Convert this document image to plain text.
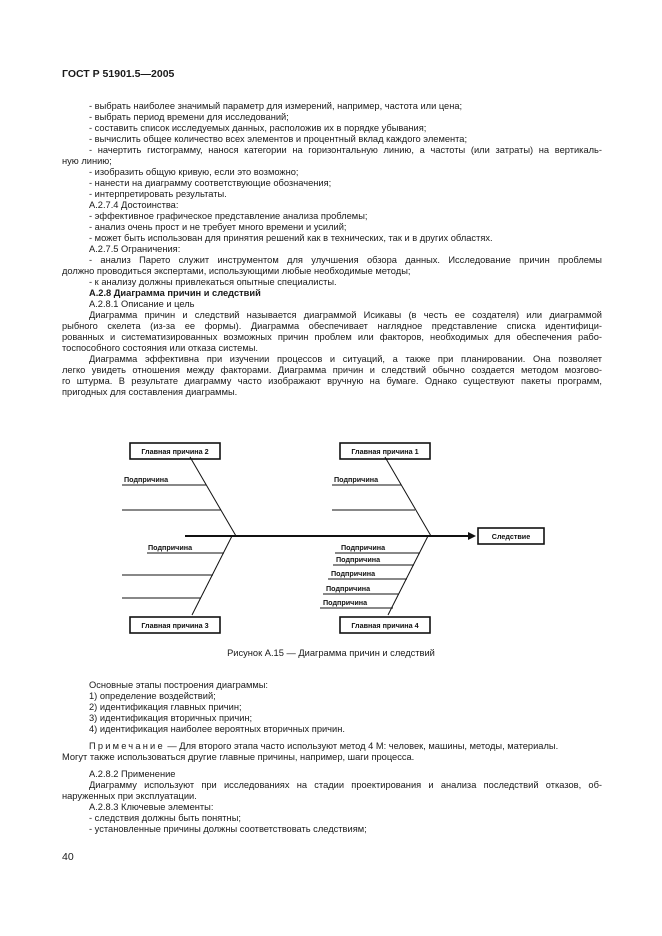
ГОСТ Р 51901.5—2005
- выбрать наиболее значимый параметр для измерений, например, частота или цена;
- выбрать период времени для исследований;
- составить список исследуемых данных, расположив их в порядке убывания;
- вычислить общее количество всех элементов и процентный вклад каждого элемента;
- начертить гистограмму, нанося категории на горизонтальную линию, а частоты (или затраты) на вертикаль-
ную линию;
- изобразить общую кривую, если это возможно;
- нанести на диаграмму соответствующие обозначения;
- интерпретировать результаты.
А.2.7.4 Достоинства:
- эффективное графическое представление анализа проблемы;
- анализ очень прост и не требует много времени и усилий;
- может быть использован для принятия решений как в технических, так и в других областях.
А.2.7.5 Ограничения:
- анализ Парето служит инструментом для улучшения обзора данных. Исследование причин проблемы
должно проводиться экспертами, использующими любые необходимые методы;
- к анализу должны привлекаться опытные специалисты.
А.2.8 Диаграмма причин и следствий
А.2.8.1 Описание и цель
Диаграмма причин и следствий называется диаграммой Исикавы (в честь ее создателя) или диаграммой
рыбного скелета (из-за ее формы). Диаграмма обеспечивает наглядное представление списка идентифици-
рованных и систематизированных возможных причин проблем или факторов, необходимых для обеспечения рабо-
тоспособного состояния или отказа системы.
Диаграмма эффективна при изучении процессов и ситуаций, а также при планировании. Она позволяет
легко увидеть отношения между факторами. Диаграмма причин и следствий обычно создается методом мозгово-
го штурма. В результате диаграмму часто изображают вручную на бумаге. Однако существуют пакеты программ,
пригодных для составления диаграммы.
Главная причина 2	Главная причина 1
Главная причина 3	Главная причина 4
Следствие
Подпричина	Подпричина
Подпричина	Подпричина
Подпричина
Подпричина
Подпричина
Подпричина
Рисунок А.15 — Диаграмма причин и следствий
Основные этапы построения диаграммы:
1) определение воздействий;
2) идентификация главных причин;
3) идентификация вторичных причин;
4) идентификация наиболее вероятных вторичных причин.
Примечание — Для второго этапа часто используют метод 4 М: человек, машины, методы, материалы.
Могут также использоваться другие главные причины, например, шаги процесса.
А.2.8.2 Применение
Диаграмму используют при исследованиях на стадии проектирования и анализа последствий отказов, об-
наруженных при эксплуатации.
А.2.8.3 Ключевые элементы:
- следствия должны быть понятны;
- установленные причины должны соответствовать следствиям;
40
